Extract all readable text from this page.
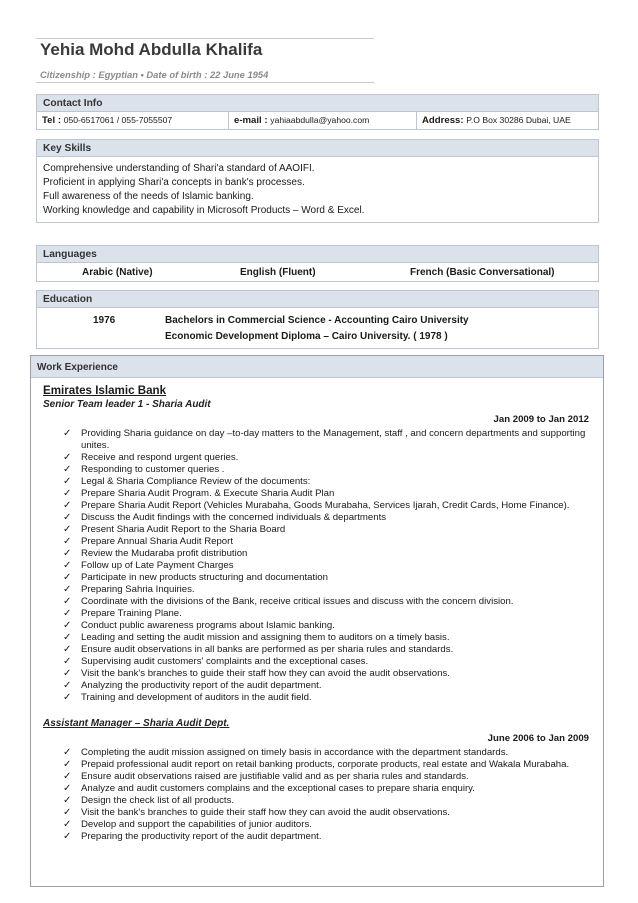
Yehia Mohd Abdulla Khalifa
Citizenship : Egyptian • Date of birth : 22 June 1954
Contact Info
Tel : 050-6517061 / 055-7055507	e-mail : yahiaabdulla@yahoo.com	Address: P.O Box 30286 Dubai, UAE
Key Skills
Comprehensive understanding of Shari'a standard of AAOIFI.
Proficient in applying Shari'a concepts in bank's processes.
Full awareness of the needs of Islamic banking.
Working knowledge and capability in Microsoft Products – Word & Excel.
Languages
Arabic (Native)	English (Fluent)	French (Basic Conversational)
Education
1976	Bachelors in Commercial Science - Accounting Cairo University
Economic Development Diploma – Cairo University. ( 1978 )
Work Experience
Emirates Islamic Bank
Senior Team leader 1 - Sharia Audit
Jan 2009 to Jan 2012
✓ Providing Sharia guidance on day –to-day matters to the Management, staff , and concern departments and supporting unites.
✓ Receive and respond urgent queries.
✓ Responding to customer queries .
✓ Legal & Sharia Compliance Review of the documents:
✓ Prepare Sharia Audit Program. & Execute Sharia Audit Plan
✓ Prepare Sharia Audit Report (Vehicles Murabaha, Goods Murabaha, Services Ijarah, Credit Cards, Home Finance).
✓ Discuss the Audit findings with the concerned individuals & departments
✓ Present Sharia Audit Report to the Sharia Board
✓ Prepare Annual Sharia Audit Report
✓ Review the Mudaraba profit distribution
✓ Follow up of Late Payment Charges
✓ Participate in new products structuring and documentation
✓ Preparing Sahria Inquiries.
✓ Coordinate with the divisions of the Bank, receive critical issues and discuss with the concern division.
✓ Prepare Training Plane.
✓ Conduct public awareness programs about Islamic banking.
✓ Leading and setting the audit mission and assigning them to auditors on a timely basis.
✓ Ensure audit observations in all banks are performed as per sharia rules and standards.
✓ Supervising audit customers' complaints and the exceptional cases.
✓ Visit the bank's branches to guide their staff how they can avoid the audit observations.
✓ Analyzing the productivity report of the audit department.
✓ Training and development of auditors in the audit field.
Assistant Manager – Sharia Audit Dept.
June 2006 to Jan 2009
✓ Completing the audit mission assigned on timely basis in accordance with the department standards.
✓ Prepaid professional audit report on retail banking products, corporate products, real estate and Wakala Murabaha.
✓ Ensure audit observations raised are justifiable valid and as per sharia rules and standards.
✓ Analyze and audit customers complains and the exceptional cases to prepare sharia enquiry.
✓ Design the check list of all products.
✓ Visit the bank's branches to guide their staff how they can avoid the audit observations.
✓ Develop and support the capabilities of junior auditors.
✓ Preparing the productivity report of the audit department.
